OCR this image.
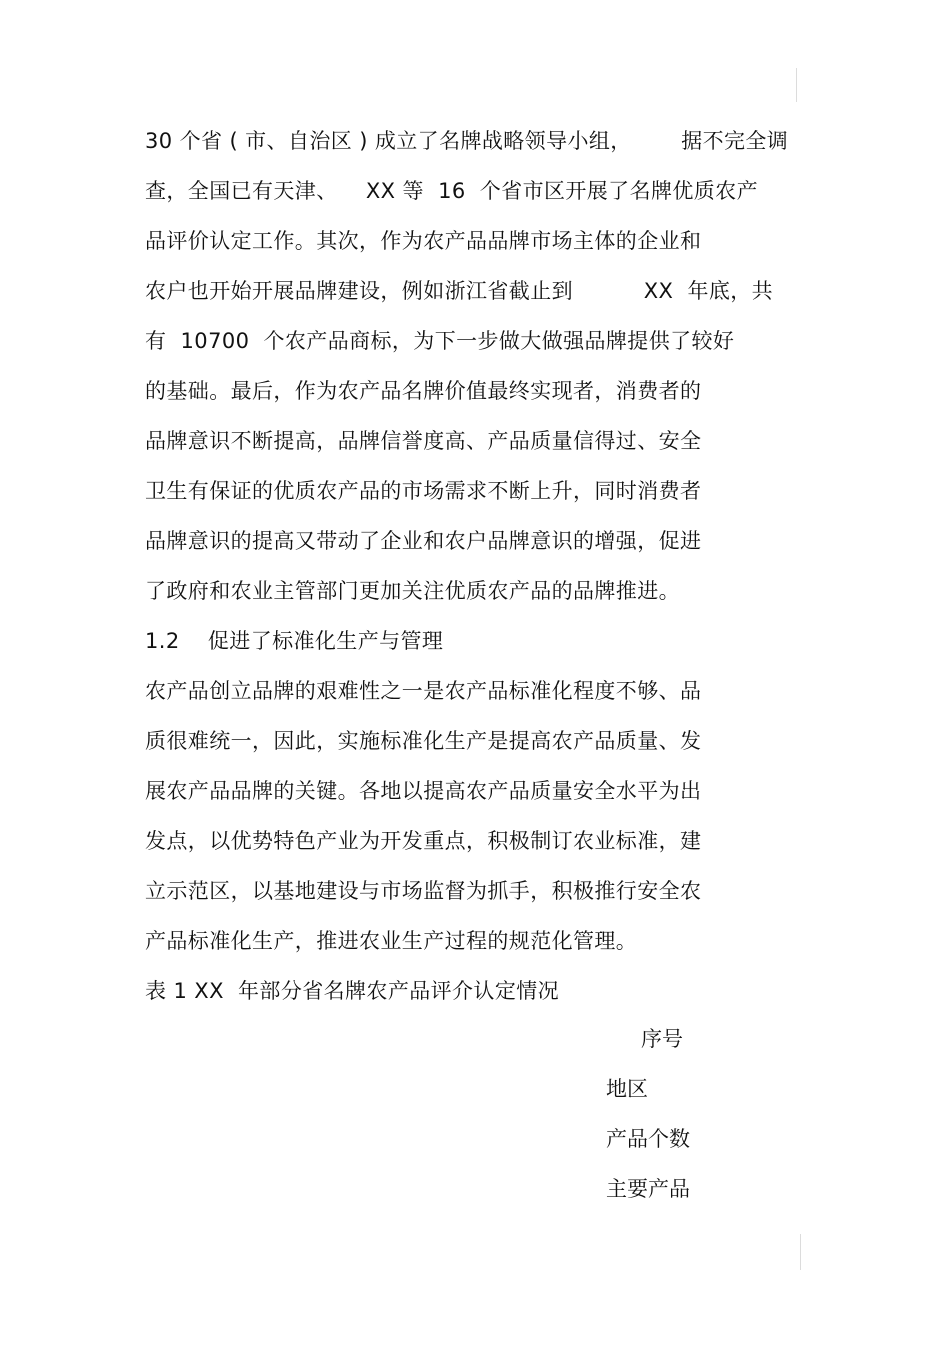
30 个省 ( 市、自治区 ) 成立了名牌战略领导小组，       据不完全调
查，全国已有天津、    XX 等  16  个省市区开展了名牌优质农产
品评价认定工作。其次，作为农产品品牌市场主体的企业和
农户也开始开展品牌建设，例如浙江省截止到          XX  年底，共
有  10700  个农产品商标，为下一步做大做强品牌提供了较好
的基础。最后，作为农产品名牌价值最终实现者，消费者的
品牌意识不断提高，品牌信誉度高、产品质量信得过、安全
卫生有保证的优质农产品的市场需求不断上升，同时消费者
品牌意识的提高又带动了企业和农户品牌意识的增强，促进
了政府和农业主管部门更加关注优质农产品的品牌推进。
1.2    促进了标准化生产与管理
农产品创立品牌的艰难性之一是农产品标准化程度不够、品
质很难统一，因此，实施标准化生产是提高农产品质量、发
展农产品品牌的关键。各地以提高农产品质量安全水平为出
发点，以优势特色产业为开发重点，积极制订农业标准，建
立示范区，以基地建设与市场监督为抓手，积极推行安全农
产品标准化生产，推进农业生产过程的规范化管理。
表 1 XX  年部分省名牌农产品评介认定情况
序号
地区
产品个数
主要产品
